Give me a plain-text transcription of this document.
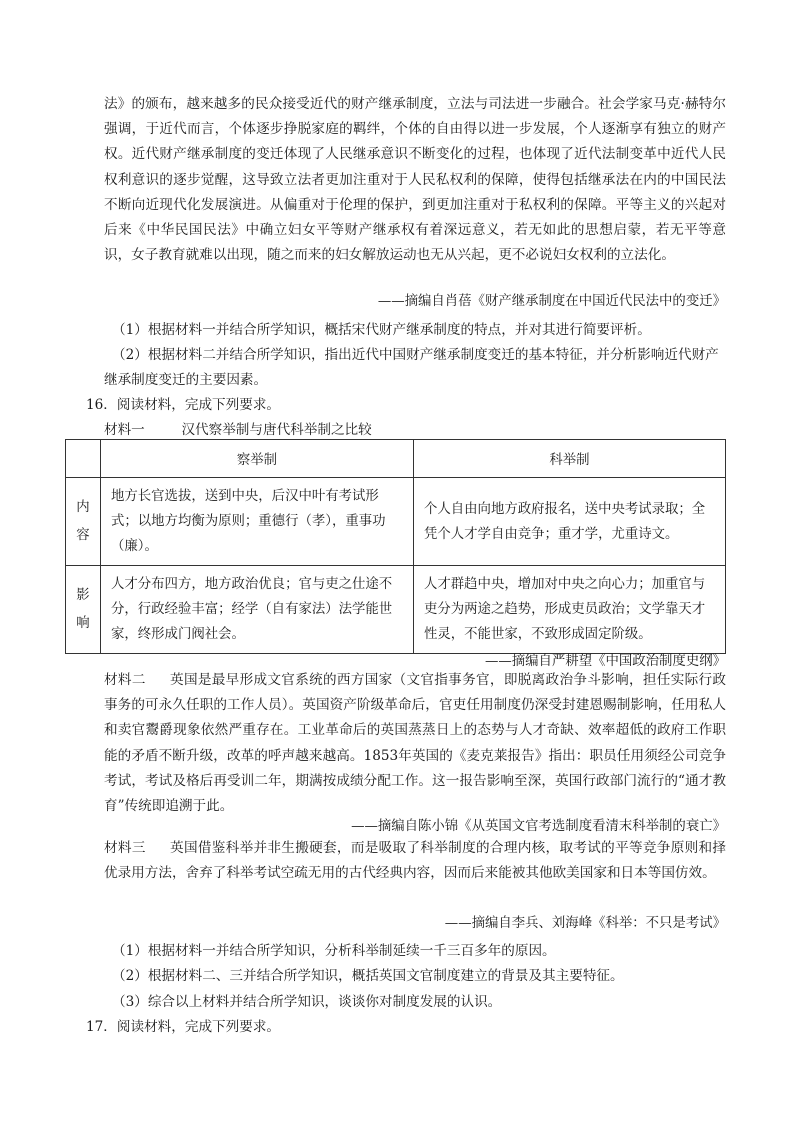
法》的颁布，越来越多的民众接受近代的财产继承制度，立法与司法进一步融合。社会学家马克·赫特尔强调，于近代而言，个体逐步挣脱家庭的羁绊，个体的自由得以进一步发展，个人逐渐享有独立的财产权。近代财产继承制度的变迁体现了人民继承意识不断变化的过程，也体现了近代法制变革中近代人民权利意识的逐步觉醒，这导致立法者更加注重对于人民私权利的保障，使得包括继承法在内的中国民法不断向近现代化发展演进。从偏重对于伦理的保护，到更加注重对于私权利的保障。平等主义的兴起对后来《中华民国民法》中确立妇女平等财产继承权有着深远意义，若无如此的思想启蒙，若无平等意识，女子教育就难以出现，随之而来的妇女解放运动也无从兴起，更不必说妇女权利的立法化。
——摘编自肖蓓《财产继承制度在中国近代民法中的变迁》
（1）根据材料一并结合所学知识，概括宋代财产继承制度的特点，并对其进行简要评析。
（2）根据材料二并结合所学知识，指出近代中国财产继承制度变迁的基本特征，并分析影响近代财产继承制度变迁的主要因素。
16．阅读材料，完成下列要求。
材料一	汉代察举制与唐代科举制之比较
	察举制	科举制

内容	地方长官选拔，送到中央，后汉中叶有考试形式；以地方均衡为原则；重德行（孝），重事功（廉）。	个人自由向地方政府报名，送中央考试录取；全凭个人才学自由竞争；重才学，尤重诗文。

影响	人才分布四方，地方政治优良；官与吏之仕途不分，行政经验丰富；经学（自有家法）法学能世家，终形成门阀社会。	人才群趋中央，增加对中央之向心力；加重官与吏分为两途之趋势，形成吏员政治；文学靠天才性灵，不能世家，不致形成固定阶级。
——摘编自严耕望《中国政治制度史纲》
材料二 英国是最早形成文官系统的西方国家（文官指事务官，即脱离政治争斗影响，担任实际行政事务的可永久任职的工作人员）。英国资产阶级革命后，官吏任用制度仍深受封建恩赐制影响，任用私人和卖官鬻爵现象依然严重存在。工业革命后的英国蒸蒸日上的态势与人才奇缺、效率超低的政府工作职能的矛盾不断升级，改革的呼声越来越高。1853年英国的《麦克莱报告》指出：职员任用须经公司竞争考试，考试及格后再受训二年，期满按成绩分配工作。这一报告影响至深，英国行政部门流行的“通才教育”传统即追溯于此。
——摘编自陈小锦《从英国文官考选制度看清末科举制的衰亡》
材料三 英国借鉴科举并非生搬硬套，而是吸取了科举制度的合理内核，取考试的平等竞争原则和择优录用方法，舍弃了科举考试空疏无用的古代经典内容，因而后来能被其他欧美国家和日本等国仿效。
——摘编自李兵、刘海峰《科举：不只是考试》
（1）根据材料一并结合所学知识，分析科举制延续一千三百多年的原因。
（2）根据材料二、三并结合所学知识，概括英国文官制度建立的背景及其主要特征。
（3）综合以上材料并结合所学知识，谈谈你对制度发展的认识。
17．阅读材料，完成下列要求。
